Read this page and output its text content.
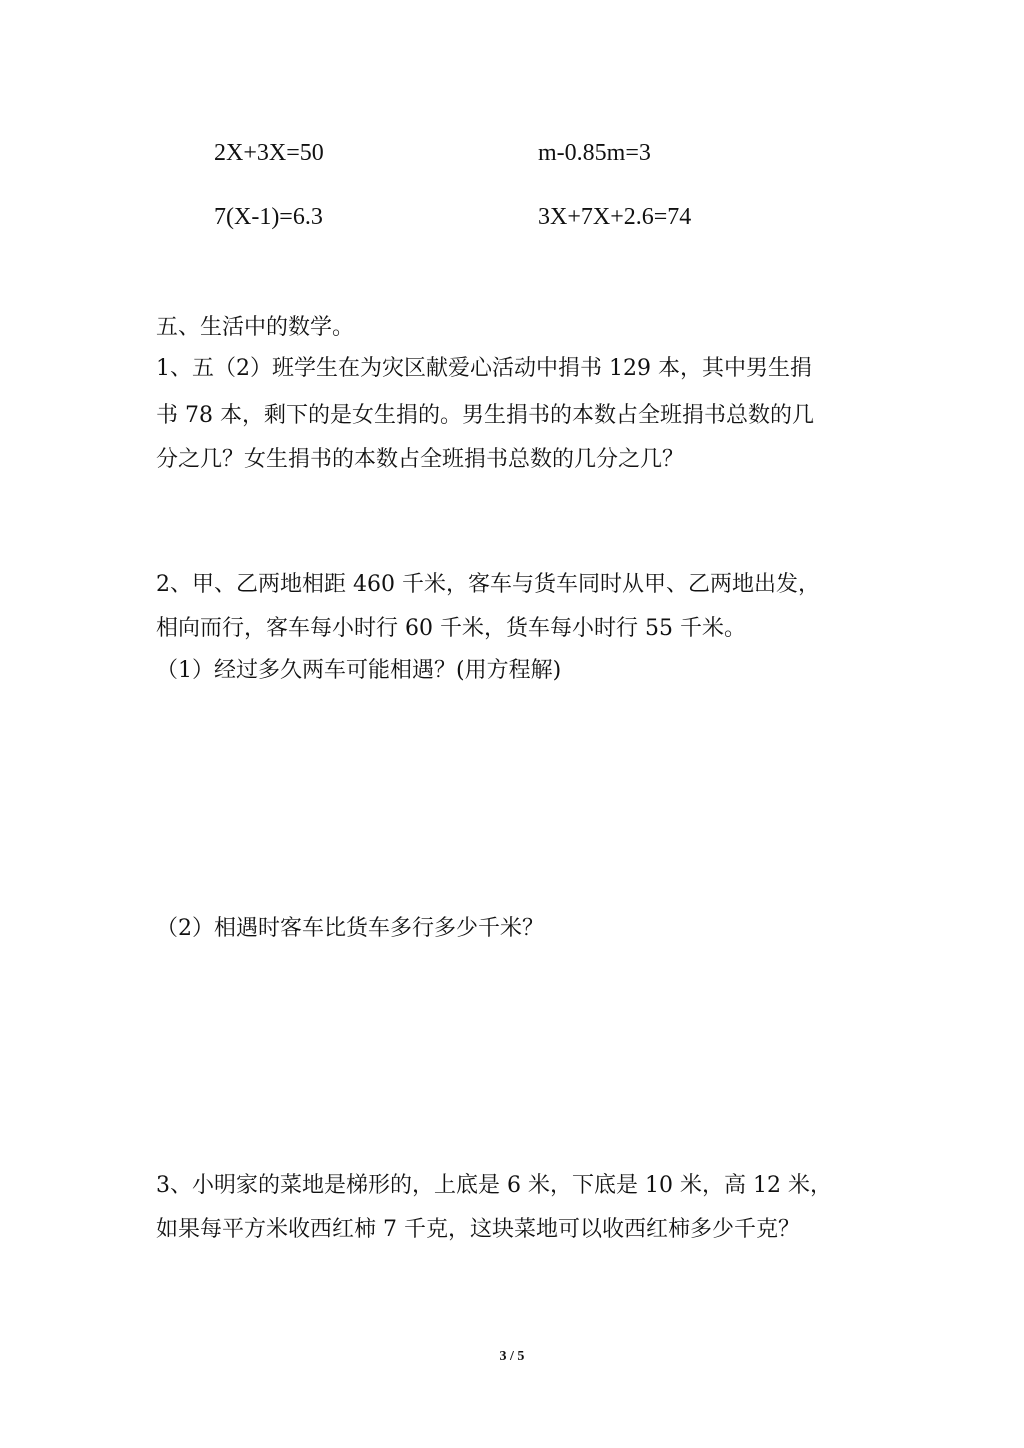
2X+3X=50	m-0.85m=3
7(X-1)=6.3	3X+7X+2.6=74
五、生活中的数学。
1、五（2）班学生在为灾区献爱心活动中捐书 129 本，其中男生捐
书 78 本，剩下的是女生捐的。男生捐书的本数占全班捐书总数的几
分之几？女生捐书的本数占全班捐书总数的几分之几？
2、甲、乙两地相距 460 千米，客车与货车同时从甲、乙两地出发，
相向而行，客车每小时行 60 千米，货车每小时行 55 千米。
（1）经过多久两车可能相遇？(用方程解)
（2）相遇时客车比货车多行多少千米？
3、小明家的菜地是梯形的，上底是 6 米，下底是 10 米，高 12 米，
如果每平方米收西红柿 7 千克，这块菜地可以收西红柿多少千克？
3 / 5
